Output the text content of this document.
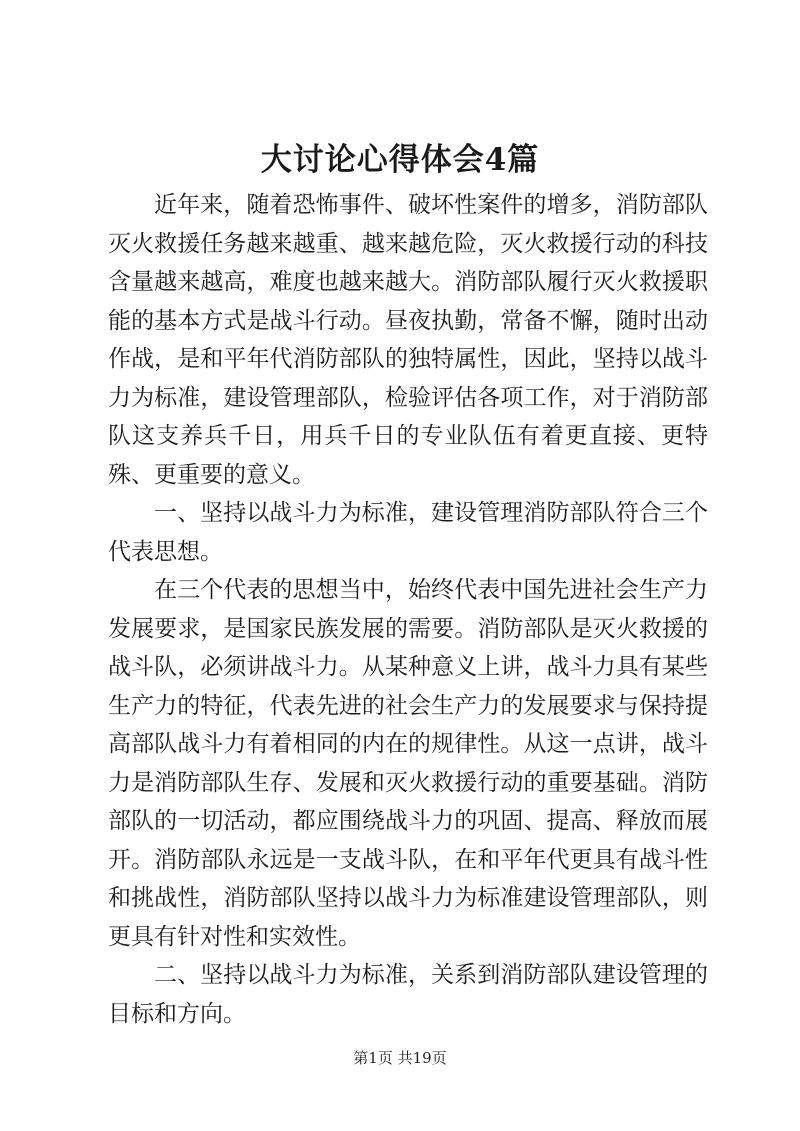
大讨论心得体会4篇

近年来，随着恐怖事件、破坏性案件的增多，消防部队灭火救援任务越来越重、越来越危险，灭火救援行动的科技含量越来越高，难度也越来越大。消防部队履行灭火救援职能的基本方式是战斗行动。昼夜执勤，常备不懈，随时出动作战，是和平年代消防部队的独特属性，因此，坚持以战斗力为标准，建设管理部队，检验评估各项工作，对于消防部队这支养兵千日，用兵千日的专业队伍有着更直接、更特殊、更重要的意义。

一、坚持以战斗力为标准，建设管理消防部队符合三个代表思想。

在三个代表的思想当中，始终代表中国先进社会生产力发展要求，是国家民族发展的需要。消防部队是灭火救援的战斗队，必须讲战斗力。从某种意义上讲，战斗力具有某些生产力的特征，代表先进的社会生产力的发展要求与保持提高部队战斗力有着相同的内在的规律性。从这一点讲，战斗力是消防部队生存、发展和灭火救援行动的重要基础。消防部队的一切活动，都应围绕战斗力的巩固、提高、释放而展开。消防部队永远是一支战斗队，在和平年代更具有战斗性和挑战性，消防部队坚持以战斗力为标准建设管理部队，则更具有针对性和实效性。

二、坚持以战斗力为标准，关系到消防部队建设管理的目标和方向。

第1页 共19页
